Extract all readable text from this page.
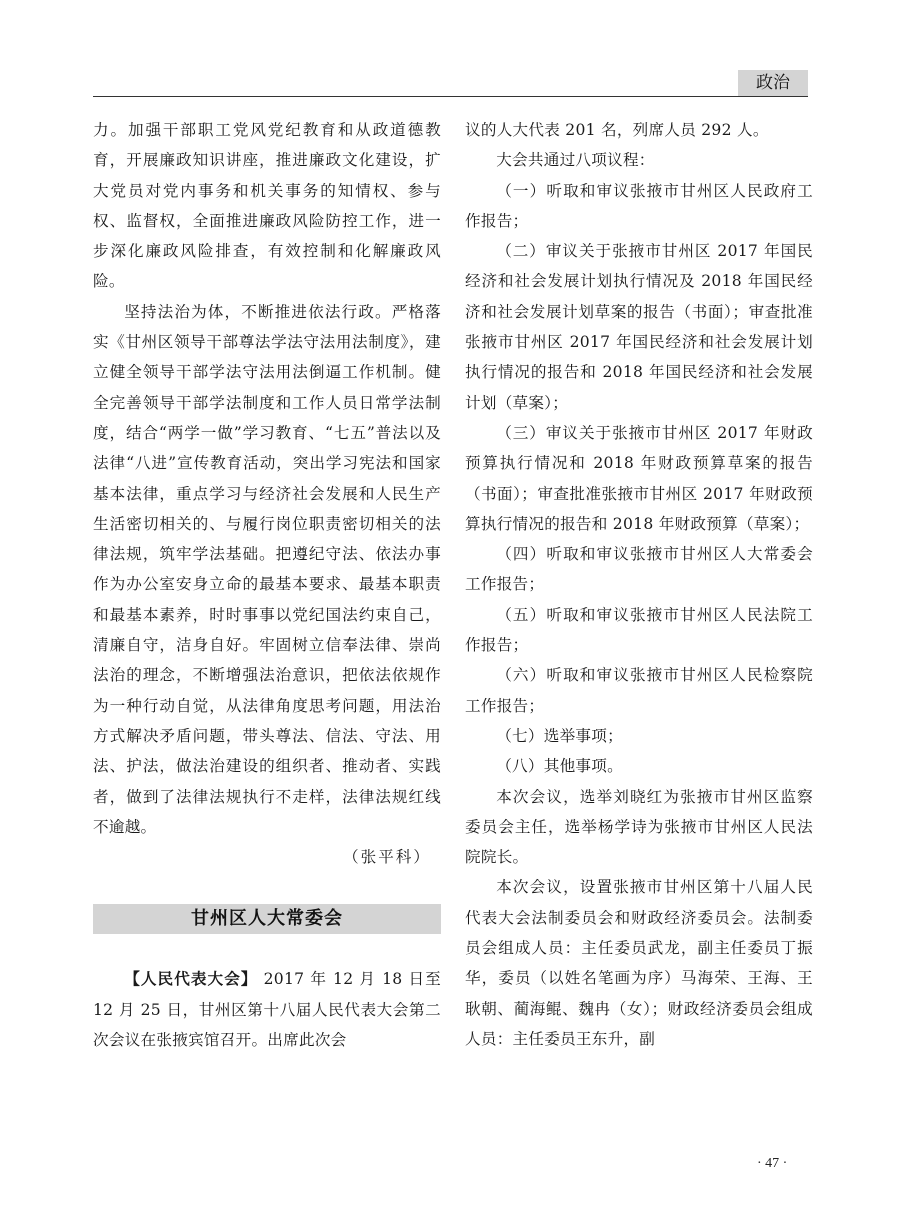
政治

力。加强干部职工党风党纪教育和从政道德教育，开展廉政知识讲座，推进廉政文化建设，扩大党员对党内事务和机关事务的知情权、参与权、监督权，全面推进廉政风险防控工作，进一步深化廉政风险排查，有效控制和化解廉政风险。

坚持法治为体，不断推进依法行政。严格落实《甘州区领导干部尊法学法守法用法制度》，建立健全领导干部学法守法用法倒逼工作机制。健全完善领导干部学法制度和工作人员日常学法制度，结合“两学一做”学习教育、“七五”普法以及法律“八进”宣传教育活动，突出学习宪法和国家基本法律，重点学习与经济社会发展和人民生产生活密切相关的、与履行岗位职责密切相关的法律法规，筑牢学法基础。把遵纪守法、依法办事作为办公室安身立命的最基本要求、最基本职责和最基本素养，时时事事以党纪国法约束自己，清廉自守，洁身自好。牢固树立信奉法律、崇尚法治的理念，不断增强法治意识，把依法依规作为一种行动自觉，从法律角度思考问题，用法治方式解决矛盾问题，带头尊法、信法、守法、用法、护法，做法治建设的组织者、推动者、实践者，做到了法律法规执行不走样，法律法规红线不逾越。

（张平科）

甘州区人大常委会

【人民代表大会】 2017 年 12 月 18 日至 12 月 25 日，甘州区第十八届人民代表大会第二次会议在张掖宾馆召开。出席此次会

议的人大代表 201 名，列席人员 292 人。

大会共通过八项议程：

（一）听取和审议张掖市甘州区人民政府工作报告；

（二）审议关于张掖市甘州区 2017 年国民经济和社会发展计划执行情况及 2018 年国民经济和社会发展计划草案的报告（书面）；审查批准张掖市甘州区 2017 年国民经济和社会发展计划执行情况的报告和 2018 年国民经济和社会发展计划（草案）；

（三）审议关于张掖市甘州区 2017 年财政预算执行情况和 2018 年财政预算草案的报告（书面）；审查批准张掖市甘州区 2017 年财政预算执行情况的报告和 2018 年财政预算（草案）；

（四）听取和审议张掖市甘州区人大常委会工作报告；

（五）听取和审议张掖市甘州区人民法院工作报告；

（六）听取和审议张掖市甘州区人民检察院工作报告；

（七）选举事项；

（八）其他事项。

本次会议，选举刘晓红为张掖市甘州区监察委员会主任，选举杨学诗为张掖市甘州区人民法院院长。

本次会议，设置张掖市甘州区第十八届人民代表大会法制委员会和财政经济委员会。法制委员会组成人员：主任委员武龙，副主任委员丁振华，委员（以姓名笔画为序）马海荣、王海、王耿朝、蔺海鲲、魏冉（女）；财政经济委员会组成人员：主任委员王东升，副

· 47 ·
